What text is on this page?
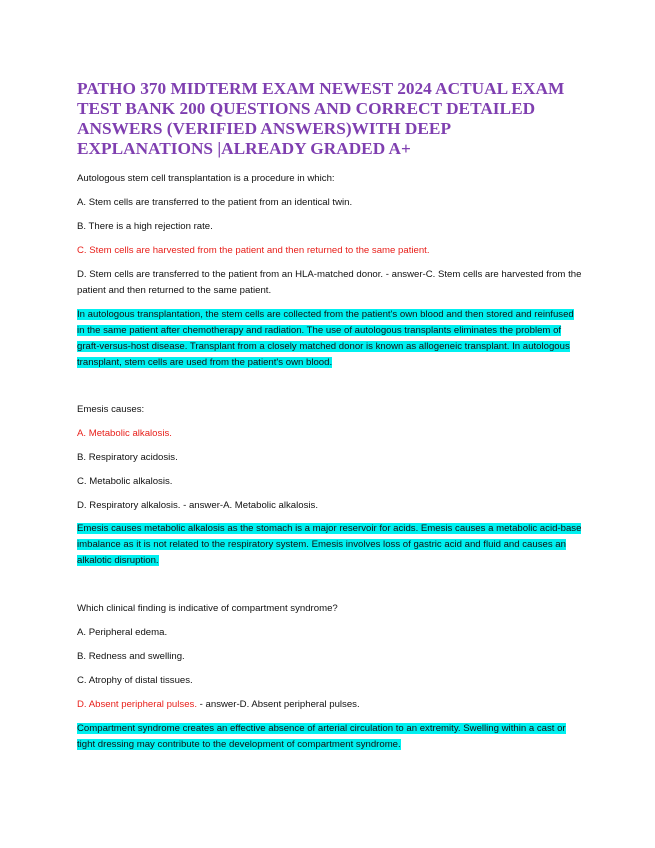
PATHO 370 MIDTERM EXAM NEWEST 2024 ACTUAL EXAM TEST BANK 200 QUESTIONS AND CORRECT DETAILED ANSWERS (VERIFIED ANSWERS)WITH DEEP EXPLANATIONS |ALREADY GRADED A+

Autologous stem cell transplantation is a procedure in which:

A. Stem cells are transferred to the patient from an identical twin.

B. There is a high rejection rate.

C. Stem cells are harvested from the patient and then returned to the same patient.

D. Stem cells are transferred to the patient from an HLA-matched donor. - answer-C. Stem cells are harvested from the patient and then returned to the same patient.

In autologous transplantation, the stem cells are collected from the patient's own blood and then stored and reinfused in the same patient after chemotherapy and radiation. The use of autologous transplants eliminates the problem of graft-versus-host disease. Transplant from a closely matched donor is known as allogeneic transplant. In autologous transplant, stem cells are used from the patient's own blood.

Emesis causes:

A. Metabolic alkalosis.

B. Respiratory acidosis.

C. Metabolic alkalosis.

D. Respiratory alkalosis. - answer-A. Metabolic alkalosis.

Emesis causes metabolic alkalosis as the stomach is a major reservoir for acids. Emesis causes a metabolic acid-base imbalance as it is not related to the respiratory system. Emesis involves loss of gastric acid and fluid and causes an alkalotic disruption.

Which clinical finding is indicative of compartment syndrome?

A. Peripheral edema.

B. Redness and swelling.

C. Atrophy of distal tissues.

D. Absent peripheral pulses. - answer-D. Absent peripheral pulses.

Compartment syndrome creates an effective absence of arterial circulation to an extremity. Swelling within a cast or tight dressing may contribute to the development of compartment syndrome.
